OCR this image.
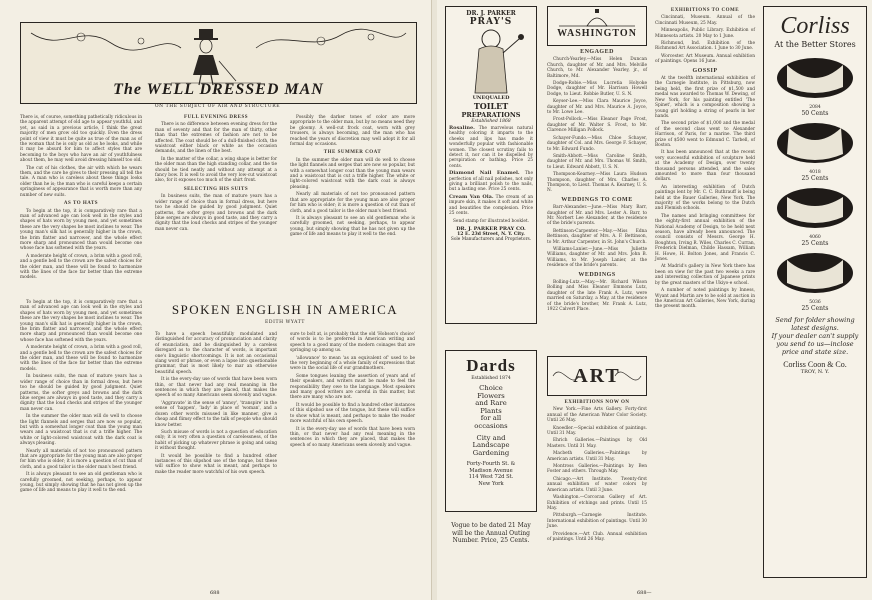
The WELL DRESSED MAN
ON THE SUBJECT OF AIR AND STRUCTURE

There is, of course, something pathetically ridiculous in the apparent attempt of old age to appear youthful, and yet, as said in a previous article, I think the great majority of men grow old too quickly. Even the dress point of view it must be quite as true of the man as of the woman that he is only as old as he looks, and while it may be absurd for him to affect styles that are becoming to the boys who have an air of youthfulness about them, he may well avoid dressing himself too old.

The cut of his clothes, the air with which he wears them, and the care he gives to their pressing all tell the tale. A man who is careless about these things looks older than he is; the man who is careful keeps a certain springiness of appearance that is worth more than any number of new suits.

AS TO HATS

To begin at the top, it is comparatively rare that a man of advanced age can look well in the styles and shapes of hats worn by young men, and yet sometimes these are the very shapes he most inclines to wear. The young man's silk hat is generally higher in the crown, the brim flatter and narrower, and the whole effect more sharp and pronounced than would become one whose face has softened with the years.

A moderate height of crown, a brim with a good roll, and a gentle bell to the crown are the safest choices for the older man, and these will be found to harmonize with the lines of the face far better than the extreme models.

FULL EVENING DRESS

There is no difference between evening dress for the man of seventy and that for the man of thirty, other than that the extremes of fashion are not to be affected. The coat should be of a dull-finished cloth, the waistcoat either black or white as the occasion demands, and the linen of the best.

In the matter of the collar, a wing shape is better for the older man than the high standing collar, and the tie should be tied neatly and without any attempt at a fancy bow. It is well to avoid the very low-cut waistcoat also, for it exposes too much of the shirt front.

SELECTING HIS SUITS

In business suits, the man of mature years has a wider range of choice than in formal dress, but here too he should be guided by good judgment. Quiet patterns, the softer greys and browns and the dark blue serges are always in good taste, and they carry a dignity that the loud checks and stripes of the younger man never can.

Possibly the darker tones of color are more appropriate to the older man, but by no means need they be gloomy. A well-cut frock coat, worn with grey trousers, is always becoming, and the man who has reached the years of discretion may well adopt it for all formal day occasions.

THE SUMMER COAT

In the summer the older man will do well to choose the light flannels and serges that are now so popular, but with a somewhat longer coat than the young man wears and a waistcoat that is cut a trifle higher. The white or light-colored waistcoat with the dark coat is always pleasing.

Nearly all materials of not too pronounced pattern that are appropriate for the young man are also proper for him who is older; it is more a question of cut than of cloth, and a good tailor is the older man's best friend.

It is always pleasant to see an old gentleman who is carefully groomed, not seeking, perhaps, to appear young, but simply showing that he has not given up the game of life and means to play it well to the end.

SPOKEN ENGLISH IN AMERICA
EDITH WYATT

To begin at the top, it is comparatively rare that a man of advanced age can look well in the styles and shapes of hats worn by young men, and yet sometimes these are the very shapes he most inclines to wear. The young man's silk hat is generally higher in the crown, the brim flatter and narrower, and the whole effect more sharp and pronounced than would become one whose face has softened with the years.

A moderate height of crown, a brim with a good roll, and a gentle bell to the crown are the safest choices for the older man, and these will be found to harmonize with the lines of the face far better than the extreme models.

In business suits, the man of mature years has a wider range of choice than in formal dress, but here too he should be guided by good judgment. Quiet patterns, the softer greys and browns and the dark blue serges are always in good taste, and they carry a dignity that the loud checks and stripes of the younger man never can.

In the summer the older man will do well to choose the light flannels and serges that are now so popular, but with a somewhat longer coat than the young man wears and a waistcoat that is cut a trifle higher. The white or light-colored waistcoat with the dark coat is always pleasing.

Nearly all materials of not too pronounced pattern that are appropriate for the young man are also proper for him who is older; it is more a question of cut than of cloth, and a good tailor is the older man's best friend.

It is always pleasant to see an old gentleman who is carefully groomed, not seeking, perhaps, to appear young, but simply showing that he has not given up the game of life and means to play it well to the end.

To have a speech beautifully modulated and distinguished for accuracy of pronunciation and clarity of enunciation, and be disinguished by a careless disregard as to the character of words, is important one's linguistic shortcomings. It is not an occasional slang word or phrase, or even a lapse into questionable grammar, that is most likely to mar an otherwise beautiful speech.

It is the every-day use of words that have been worn thin, or that never had any real meaning in the sentences in which they are placed, that makes the speech of so many Americans seem slovenly and vague.

'Aggravate' in the sense of 'annoy', 'transpire' in the sense of 'happen', 'lady' in place of 'woman', and a dozen other words misused in like manner, give a cheap and flimsy effect to the talk of people who should know better.

Such misuse of words is not a question of education only; it is very often a question of carelessness, of the habit of picking up whatever phrase is going and using it without thought.

It would be possible to find a hundred other instances of this slipshod use of the tongue, but these will suffice to show what is meant, and perhaps to make the reader more watchful of his own speech.

sure to bolt at, is probably that the old 'Hobson's choice' of words is to be preferred in American writing and speech to a good many of the modern coinages that are springing up among us.

'allowance' to mean 'as an equivalent of' used to be the very beginning of a whole family of expressions that were in the social life of our grandmothers.

Some tongues leaning the assertion of years and of their speakers, and writers must be made to feel the responsibility they owe to the language. Most speakers and many good writers are careful in this matter, but there are many who are not.

It would be possible to find a hundred other instances of this slipshod use of the tongue, but these will suffice to show what is meant, and perhaps to make the reader more watchful of his own speech.

It is the every-day use of words that have been worn thin, or that never had any real meaning in the sentences in which they are placed, that makes the speech of so many Americans seem slovenly and vague.

688
DR. J. PARKER
PRAY'S
UNEQUALED
TOILET
PREPARATIONS
Established 1868

Rosaline. The marvelous natural healthy coloring it imparts to the cheeks and lips has made it wonderfully popular with fashionable women. The closest scrutiny fails to detect it, nor can it be dispelled by perspiration or bathing. Price 25 cents.

Diamond Nail Enamel. The perfection of all nail polishes, not only giving a brilliant polish to the nails, but a lasting one. Price 25 cents.

Cream Van Ola. The cream of an impure skin, it makes it soft and white and beautifies the complexion. Price 25 cents.

Send stamp for illustrated booklet.

DR. J. PARKER PRAY CO.
12 E. 23d Street, N. Y. City.
Sole Manufacturers and Proprietors.
Dards
Established 1874
Choice
Flowers
and Rare
Plants
for all
occasions
City and
Landscape
Gardening
Forty-Fourth St. &
Madison Avenue
114 West 72d St.
New York
Vogue to be dated 21 May will be the Annual Outing Number. Price, 25 Cents.
WASHINGTON
ENGAGED

Church-Yearley.—Miss Helen Duncan Church, daughter of Mr. and Mrs. Melville Church, to Mr. Alexander Yearley, jr., of Baltimore, Md.

Dodge-Robie.—Miss Lucretia Holyoke Dodge, daughter of Mr. Harrison Howell Dodge, to Lieut. Robbie Butler, U. S. N.

Keyser-Lee.—Miss Clara Maurice Joyce, daughter of Mr. and Mrs. Maurice A. Joyce, to Mr. Lowe Lee.

Frost-Pollock.—Miss Eleanor Page Frost, daughter of Mr. Walter S. Frost, to Mr. Clarence Milligan Pollock.

Schayer-Fundo.—Miss Chloe Schayer, daughter of Col. and Mrs. George F. Schayer, to Mr. Edward Fundo.

Smith-Abbott.—Miss Caroline Smith, daughter of Mr. and Mrs. Thomas W. Smith, to Lieut. Edward Abbott, U. S. N.

Thompson-Kearney.—Miss Laura Hudson Thompson, daughter of Mrs. Charles A. Thompson, to Lieut. Thomas A. Kearney, U. S. N.

WEDDINGS TO COME

Barr-Alexander.—June.—Miss Mary Barr, daughter of Mr. and Mrs. Lester A. Barr, to Mr. Norbert Lee Alexander, at the residence of the bride's parents.

Bettinson-Carpenter.—May.—Miss Edna Bettinson, daughter of Mrs. A. F. Bettinson, to Mr. Arthur Carpenter, in St. John's Church.

Williams-Lanier.—June.—Miss Juliette Williams, daughter of Mr. and Mrs. John B. Williams, to Mr. Joseph Lanier, at the residence of the bride's parents.

WEDDINGS

Bolling-Lutz.—May.—Mr. Richard Wilson Bolling and Miss Eleanor Emmons Lutz, daughter of the late Frank A. Lutz, were married on Saturday, a May, at the residence of the bride's brother, Mr. Frank A. Lutz, 1922 Calvert Place.

ART
EXHIBITIONS NOW ON

New York.—Fine Arts Gallery. Forty-first annual of the American Water Color Society. Until 26 May.

Knoedler.—Special exhibition of paintings. Until 31 May.

Ehrich Galleries.—Paintings by Old Masters. Until 31 May.

Macbeth Galleries.—Paintings by American artists. Until 31 May.

Montross Galleries.—Paintings by Ben Foster and others. Through May.

Chicago.—Art Institute. Twenty-first annual exhibition of water colors by American artists. Until 3 June.

Washington.—Corcoran Gallery of Art. Exhibition of etchings and prints. Until 15 May.

Pittsburgh.—Carnegie Institute. International exhibition of paintings. Until 30 June.

Providence.—Art Club. Annual exhibition of paintings. Until 26 May.

EXHIBITIONS TO COME

Cincinnati, Museum. Annual of the Cincinnati Museum, 25 May.

Minneapolis, Public Library. Exhibition of Minnesota artists. 20 May to 1 June.

Richmond, Ind. Exhibition of the Richmond Art Association. 1 June to 30 June.

Worcester. Art Museum. Annual exhibition of paintings. Opens 16 June.

GOSSIP

At the twelfth international exhibition of the Carnegie Institute, in Pittsburg, now being held, the first prize of $1,500 and medal was awarded to Thomas W. Dewing, of New York, for his painting entitled 'The Spinet', which is a composition showing a young girl holding a string of pearls in her hands.

The second prize of $1,000 and the medal of the second class went to Alexander Harrison, of Paris, for a marine. The third prize of $500 went to Edmund C. Tarbell, of Boston.

It has been announced that at the recent very successful exhibition of sculpture held at the Academy of Design, over twenty thousand persons attended, and the sales amounted to more than four thousand dollars.

An interesting exhibition of Dutch paintings lent by Mr. C. C. Ruthrauff is being held at the Bauer Galleries, New York. The majority of the works belong to the Dutch and Flemish schools.

The names and bringing committees for the eighty-first annual exhibition of the National Academy of Design, to be held next season, have already been announced. The council consists of Messrs. George H. Boughton, Irving R. Wiles, Charles C. Curran, Frederick Dielman, Childe Hassam, William H. Howe, H. Bolton Jones, and Francis C. Jones.

At Madrid's gallery in New York there has been on view for the past two weeks a rare and interesting collection of Japanese prints by the great masters of the Ukiyo-e school.

A number of noted paintings by Inness, Wyant and Martin are to be sold at auction in the American Art Galleries, New York, during the present month.

Corliss
At the Better Stores
2084
50 Cents
4018
25 Cents
4060
25 Cents
5036
25 Cents
Send for folder showing
latest designs.
If your dealer can't supply
you send to us—inclose
price and state size.
Corliss Coon & Co.
TROY, N. Y.
688—
